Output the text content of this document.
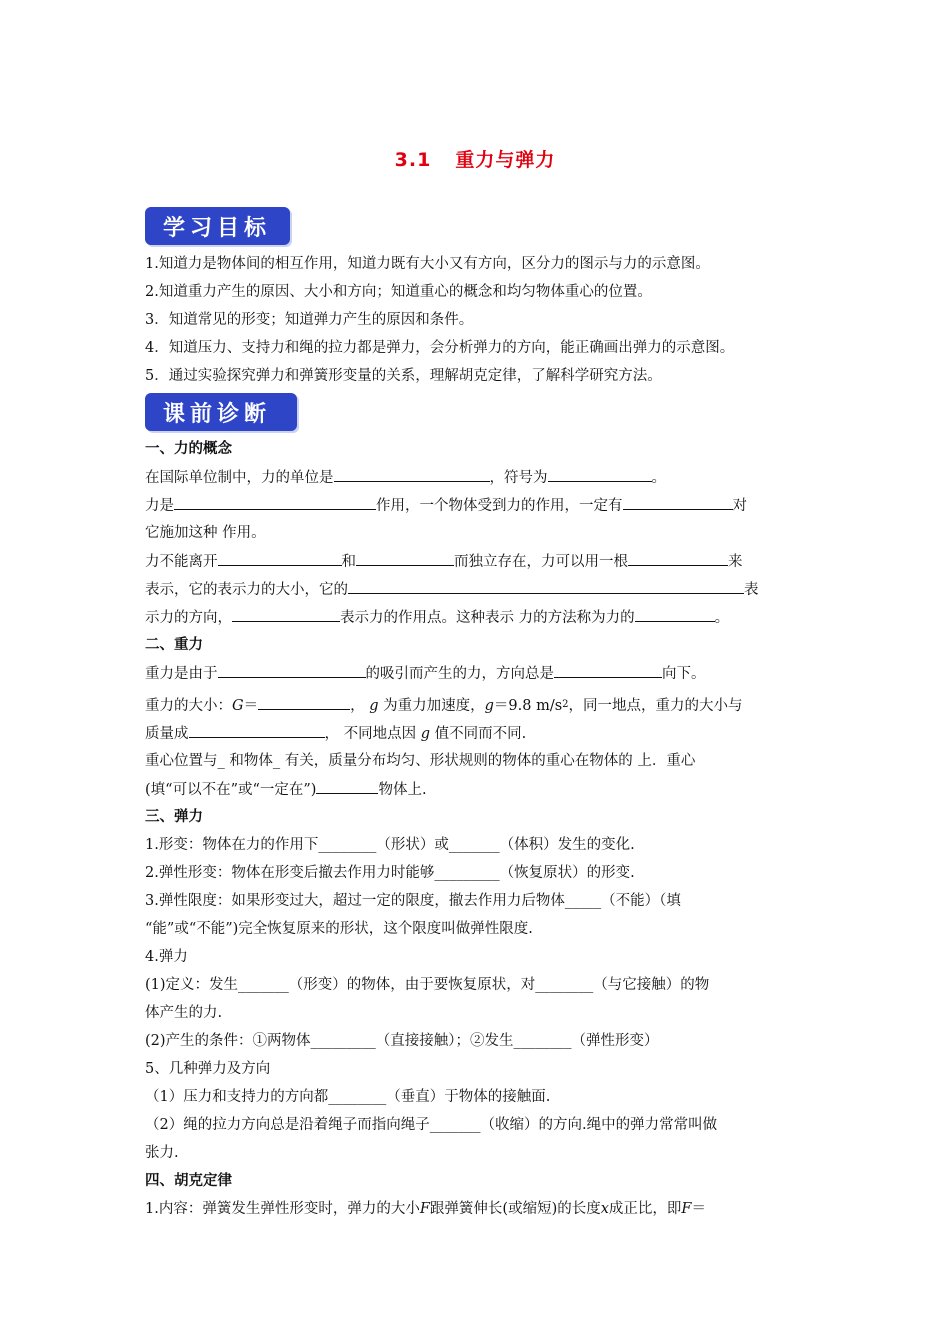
3.1 重力与弹力
学习目标
1.知道力是物体间的相互作用，知道力既有大小又有方向，区分力的图示与力的示意图。
2.知道重力产生的原因、大小和方向；知道重心的概念和均匀物体重心的位置。
3．知道常见的形变；知道弹力产生的原因和条件。
4．知道压力、支持力和绳的拉力都是弹力，会分析弹力的方向，能正确画出弹力的示意图。
5．通过实验探究弹力和弹簧形变量的关系，理解胡克定律，了解科学研究方法。
课前诊断
一、力的概念
在国际单位制中，力的单位是	，符号为	。
力是	作用，一个物体受到力的作用，一定有	对
它施加这种 作用。
力不能离开	和	而独立存在，力可以用一根	来
表示，它的表示力的大小，它的	表
示力的方向，	表示力的作用点。这种表示 力的方法称为力的	。
二、重力
重力是由于	的吸引而产生的力，方向总是	向下。
重力的大小：G＝	， g 为重力加速度，g＝9.8 $m/s^2$，同一地点，重力的大小与
质量成	， 不同地点因 g 值不同而不同.
重心位置与_ 和物体_ 有关，质量分布均匀、形状规则的物体的重心在物体的 上．重心
(填“可以不在”或“一定在”)	物体上.
三、弹力
1.形变：物体在力的作用下________（形状）或_______（体积）发生的变化.
2.弹性形变：物体在形变后撤去作用力时能够_________（恢复原状）的形变.
3.弹性限度：如果形变过大，超过一定的限度，撤去作用力后物体_____（不能）（填
“能”或“不能”)完全恢复原来的形状，这个限度叫做弹性限度.
4.弹力
(1)定义：发生_______（形变）的物体，由于要恢复原状，对________（与它接触）的物
体产生的力.
(2)产生的条件：①两物体_________（直接接触）；②发生________（弹性形变）
5、几种弹力及方向
（1）压力和支持力的方向都________（垂直）于物体的接触面.
（2）绳的拉力方向总是沿着绳子而指向绳子_______（收缩）的方向.绳中的弹力常常叫做
张力.
四、胡克定律
1.内容：弹簧发生弹性形变时，弹力的大小F跟弹簧伸长(或缩短)的长度x成正比，即F＝
